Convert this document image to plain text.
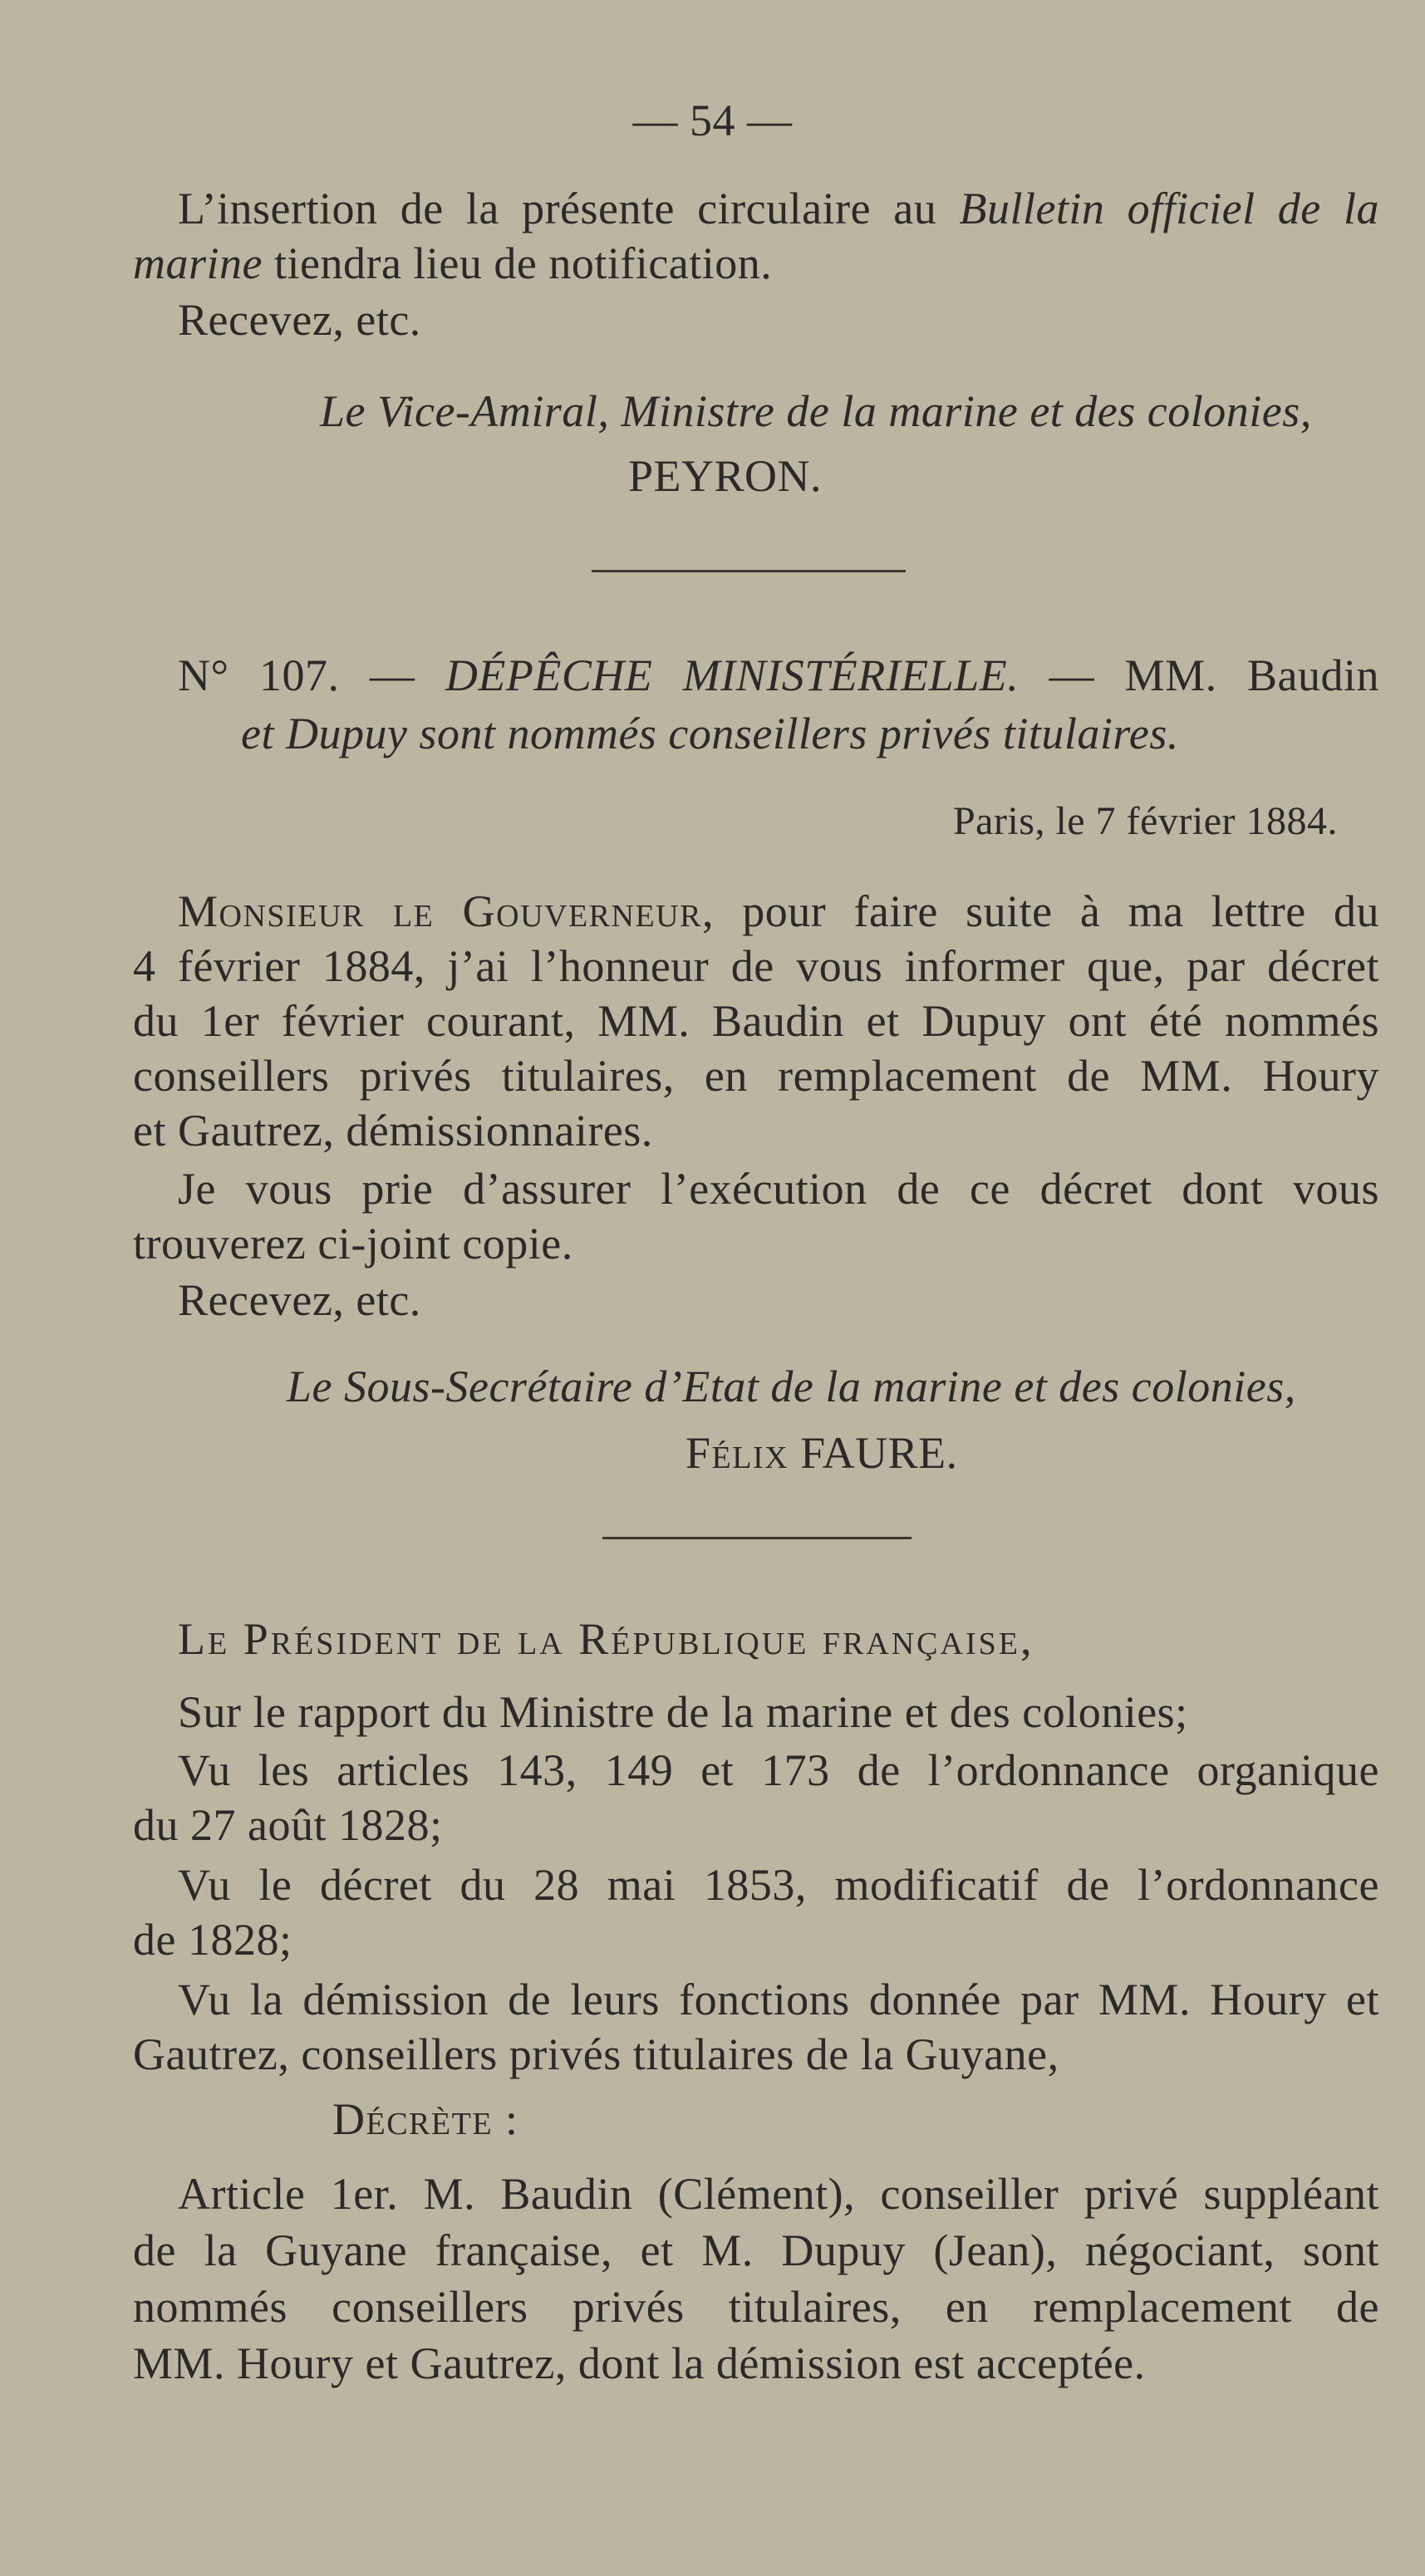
— 54 —
L’insertion de la présente circulaire au Bulletin officiel de la
marine tiendra lieu de notification.
Recevez, etc.
Le Vice-Amiral, Ministre de la marine et des colonies,
PEYRON.
N° 107. — DÉPÊCHE MINISTÉRIELLE. — MM. Baudin
et Dupuy sont nommés conseillers privés titulaires.
Paris, le 7 février 1884.
Monsieur le Gouverneur, pour faire suite à ma lettre du
4 février 1884, j’ai l’honneur de vous informer que, par décret
du 1er février courant, MM. Baudin et Dupuy ont été nommés
conseillers privés titulaires, en remplacement de MM. Houry
et Gautrez, démissionnaires.
Je vous prie d’assurer l’exécution de ce décret dont vous
trouverez ci-joint copie.
Recevez, etc.
Le Sous-Secrétaire d’Etat de la marine et des colonies,
Félix FAURE.
Le Président de la République française,
Sur le rapport du Ministre de la marine et des colonies;
Vu les articles 143, 149 et 173 de l’ordonnance organique
du 27 août 1828;
Vu le décret du 28 mai 1853, modificatif de l’ordonnance
de 1828;
Vu la démission de leurs fonctions donnée par MM. Houry et
Gautrez, conseillers privés titulaires de la Guyane,
Décrète :
Article 1er. M. Baudin (Clément), conseiller privé suppléant
de la Guyane française, et M. Dupuy (Jean), négociant, sont
nommés conseillers privés titulaires, en remplacement de
MM. Houry et Gautrez, dont la démission est acceptée.
